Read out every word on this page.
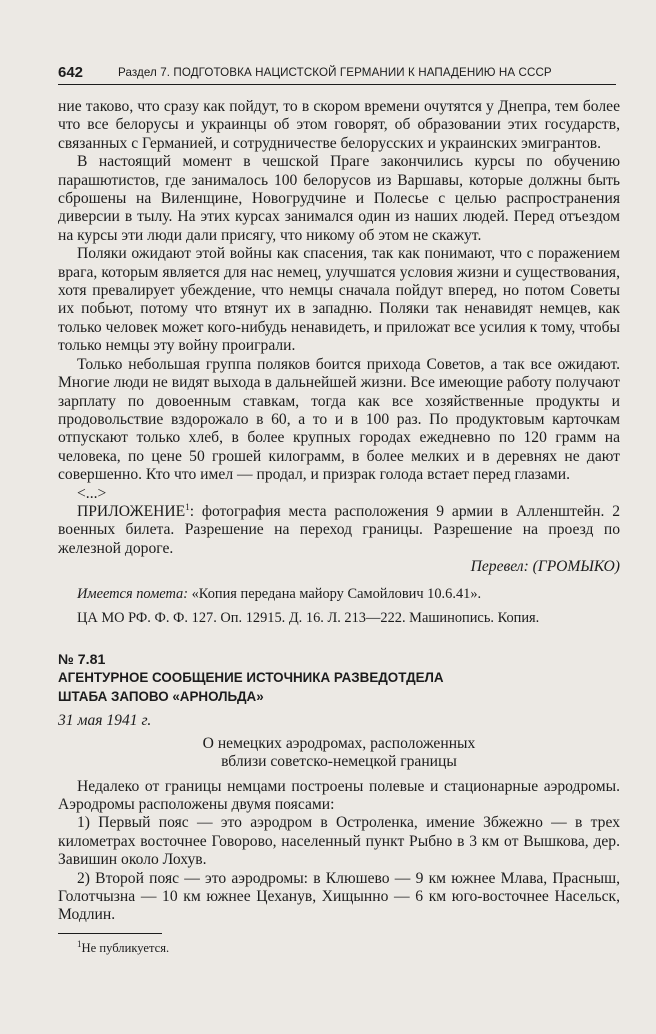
642	Раздел 7. ПОДГОТОВКА НАЦИСТСКОЙ ГЕРМАНИИ К НАПАДЕНИЮ НА СССР

ние таково, что сразу как пойдут, то в скором времени очутятся у Днепра, тем более что все белорусы и украинцы об этом говорят, об образовании этих государств, связанных с Германией, и сотрудничестве белорусских и украинских эмигрантов.

В настоящий момент в чешской Праге закончились курсы по обучению парашютистов, где занималось 100 белорусов из Варшавы, которые должны быть сброшены на Виленщине, Новогрудчине и Полесье с целью распространения диверсии в тылу. На этих курсах занимался один из наших людей. Перед отъездом на курсы эти люди дали присягу, что никому об этом не скажут.

Поляки ожидают этой войны как спасения, так как понимают, что с поражением врага, которым является для нас немец, улучшатся условия жизни и существования, хотя превалирует убеждение, что немцы сначала пойдут вперед, но потом Советы их побьют, потому что втянут их в западню. Поляки так ненавидят немцев, как только человек может кого-нибудь ненавидеть, и приложат все усилия к тому, чтобы только немцы эту войну проиграли.

Только небольшая группа поляков боится прихода Советов, а так все ожидают. Многие люди не видят выхода в дальнейшей жизни. Все имеющие работу получают зарплату по довоенным ставкам, тогда как все хозяйственные продукты и продовольствие вздорожало в 60, а то и в 100 раз. По продуктовым карточкам отпускают только хлеб, в более крупных городах ежедневно по 120 грамм на человека, по цене 50 грошей килограмм, в более мелких и в деревнях не дают совершенно. Кто что имел — продал, и призрак голода встает перед глазами.

<...>

ПРИЛОЖЕНИЕ$^1$: фотография места расположения 9 армии в Алленштейн. 2 военных билета. Разрешение на переход границы. Разрешение на проезд по железной дороге.

Перевел: (ГРОМЫКО)

Имеется помета: «Копия передана майору Самойлович 10.6.41».

ЦА МО РФ. Ф. Ф. 127. Оп. 12915. Д. 16. Л. 213—222. Машинопись. Копия.

№ 7.81
АГЕНТУРНОЕ СООБЩЕНИЕ ИСТОЧНИКА РАЗВЕДОТДЕЛА
ШТАБА ЗАПОВО «АРНОЛЬДА»
31 мая 1941 г.
О немецких аэродромах, расположенных
вблизи советско-немецкой границы

Недалеко от границы немцами построены полевые и стационарные аэродромы. Аэродромы расположены двумя поясами:

1) Первый пояс — это аэродром в Остроленка, имение Збжежно — в трех километрах восточнее Говорово, населенный пункт Рыбно в 3 км от Вышкова, дер. Завишин около Лохув.

2) Второй пояс — это аэродромы: в Клюшево — 9 км южнее Млава, Прасныш, Голотчызна — 10 км южнее Цеханув, Хищынно — 6 км юго-восточнее Насельск, Модлин.

$^1$Не публикуется.
